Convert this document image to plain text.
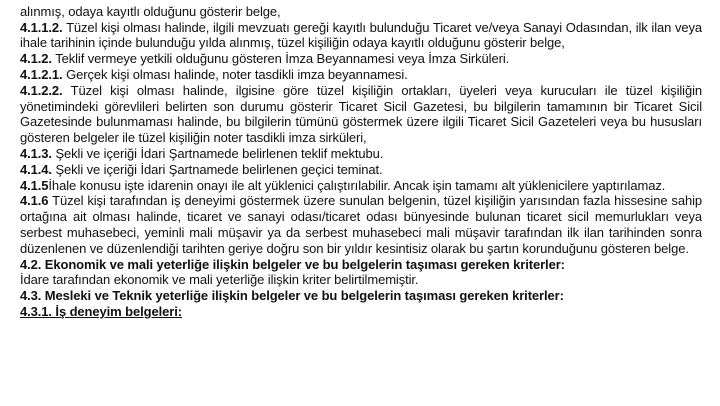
alınmış, odaya kayıtlı olduğunu gösterir belge,

4.1.1.2. Tüzel kişi olması halinde, ilgili mevzuatı gereği kayıtlı bulunduğu Ticaret ve/veya Sanayi Odasından, ilk ilan veya ihale tarihinin içinde bulunduğu yılda alınmış, tüzel kişiliğin odaya kayıtlı olduğunu gösterir belge,

4.1.2. Teklif vermeye yetkili olduğunu gösteren İmza Beyannamesi veya İmza Sirküleri.

4.1.2.1. Gerçek kişi olması halinde, noter tasdikli imza beyannamesi.

4.1.2.2. Tüzel kişi olması halinde, ilgisine göre tüzel kişiliğin ortakları, üyeleri veya kurucuları ile tüzel kişiliğin yönetimindeki görevlileri belirten son durumu gösterir Ticaret Sicil Gazetesi, bu bilgilerin tamamının bir Ticaret Sicil Gazetesinde bulunmaması halinde, bu bilgilerin tümünü göstermek üzere ilgili Ticaret Sicil Gazeteleri veya bu hususları gösteren belgeler ile tüzel kişiliğin noter tasdikli imza sirküleri,

4.1.3. Şekli ve içeriği İdari Şartnamede belirlenen teklif mektubu.

4.1.4. Şekli ve içeriği İdari Şartnamede belirlenen geçici teminat.

4.1.5İhale konusu işte idarenin onayı ile alt yüklenici çalıştırılabilir. Ancak işin tamamı alt yüklenicilere yaptırılamaz.

4.1.6 Tüzel kişi tarafından iş deneyimi göstermek üzere sunulan belgenin, tüzel kişiliğin yarısından fazla hissesine sahip ortağına ait olması halinde, ticaret ve sanayi odası/ticaret odası bünyesinde bulunan ticaret sicil memurlukları veya serbest muhasebeci, yeminli mali müşavir ya da serbest muhasebeci mali müşavir tarafından ilk ilan tarihinden sonra düzenlenen ve düzenlendiği tarihten geriye doğru son bir yıldır kesintisiz olarak bu şartın korunduğunu gösteren belge.

4.2. Ekonomik ve mali yeterliğe ilişkin belgeler ve bu belgelerin taşıması gereken kriterler:

İdare tarafından ekonomik ve mali yeterliğe ilişkin kriter belirtilmemiştir.

4.3. Mesleki ve Teknik yeterliğe ilişkin belgeler ve bu belgelerin taşıması gereken kriterler:

4.3.1. İş deneyim belgeleri:
